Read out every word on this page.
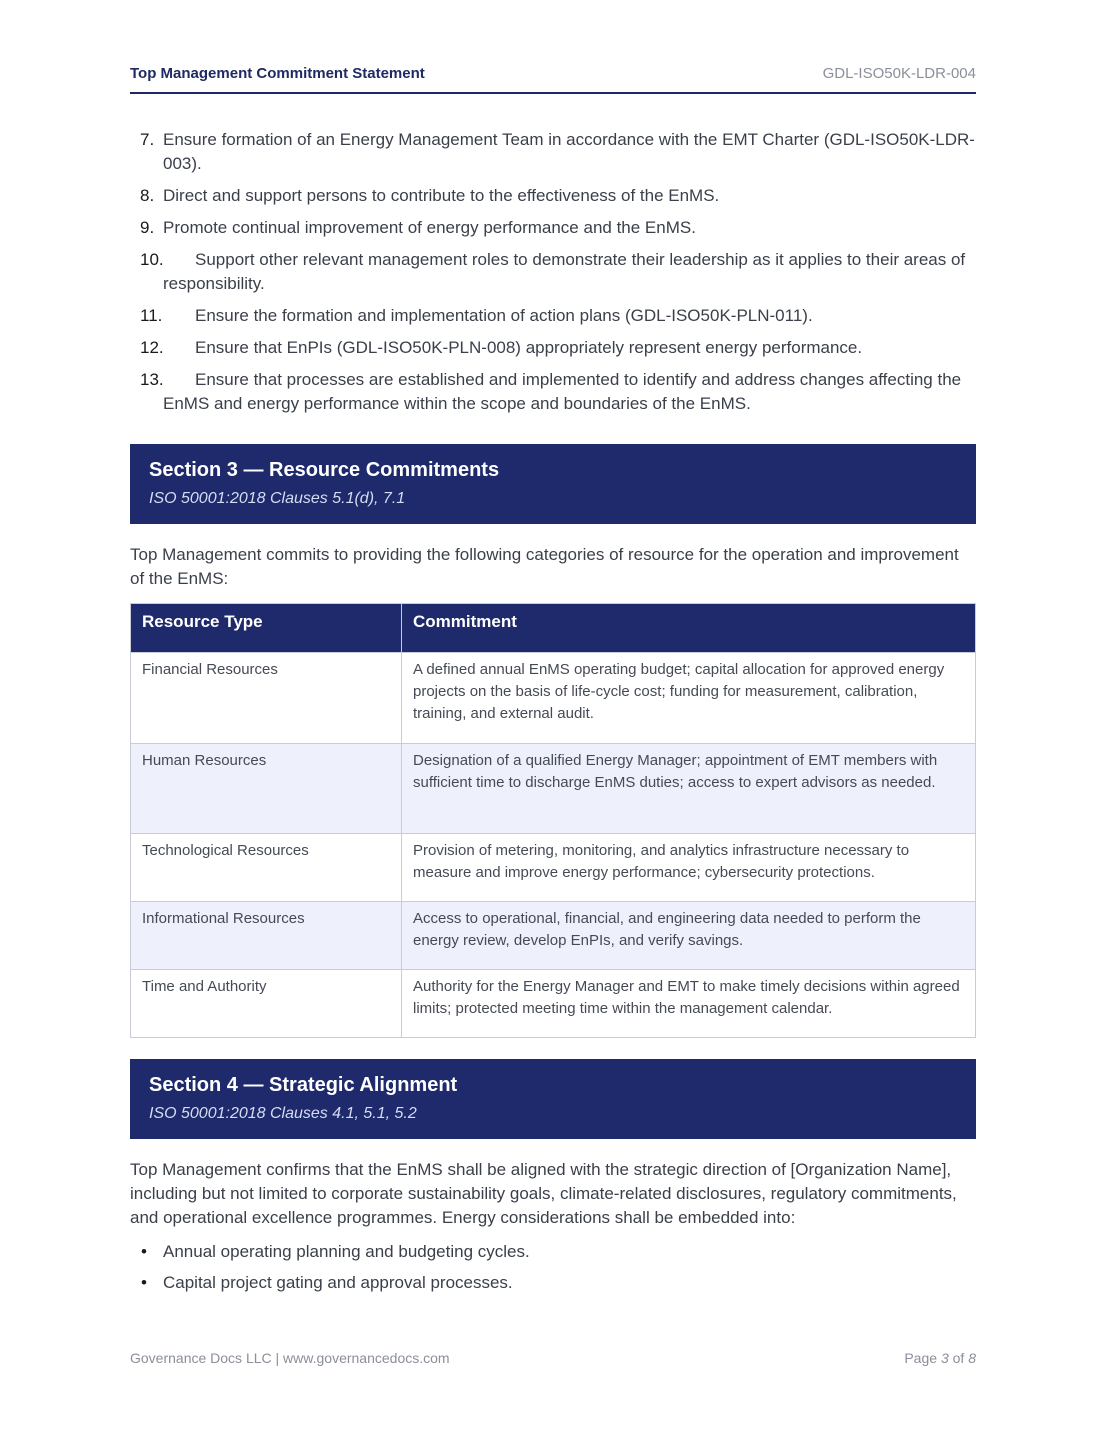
Top Management Commitment Statement	GDL-ISO50K-LDR-004
7. Ensure formation of an Energy Management Team in accordance with the EMT Charter (GDL-ISO50K-LDR-003).
8. Direct and support persons to contribute to the effectiveness of the EnMS.
9. Promote continual improvement of energy performance and the EnMS.
10.	Support other relevant management roles to demonstrate their leadership as it applies to their areas of responsibility.
11.	Ensure the formation and implementation of action plans (GDL-ISO50K-PLN-011).
12.	Ensure that EnPIs (GDL-ISO50K-PLN-008) appropriately represent energy performance.
13.	Ensure that processes are established and implemented to identify and address changes affecting the EnMS and energy performance within the scope and boundaries of the EnMS.
Section 3 — Resource Commitments
ISO 50001:2018 Clauses 5.1(d), 7.1

Top Management commits to providing the following categories of resource for the operation and improvement of the EnMS:

Resource Type	Commitment
Financial Resources	A defined annual EnMS operating budget; capital allocation for approved energy projects on the basis of life-cycle cost; funding for measurement, calibration, training, and external audit.
Human Resources	Designation of a qualified Energy Manager; appointment of EMT members with sufficient time to discharge EnMS duties; access to expert advisors as needed.
Technological Resources	Provision of metering, monitoring, and analytics infrastructure necessary to measure and improve energy performance; cybersecurity protections.
Informational Resources	Access to operational, financial, and engineering data needed to perform the energy review, develop EnPIs, and verify savings.
Time and Authority	Authority for the Energy Manager and EMT to make timely decisions within agreed limits; protected meeting time within the management calendar.
Section 4 — Strategic Alignment
ISO 50001:2018 Clauses 4.1, 5.1, 5.2

Top Management confirms that the EnMS shall be aligned with the strategic direction of [Organization Name], including but not limited to corporate sustainability goals, climate-related disclosures, regulatory commitments, and operational excellence programmes. Energy considerations shall be embedded into:

• Annual operating planning and budgeting cycles.
• Capital project gating and approval processes.
Governance Docs LLC | www.governancedocs.com	Page 3 of 8
